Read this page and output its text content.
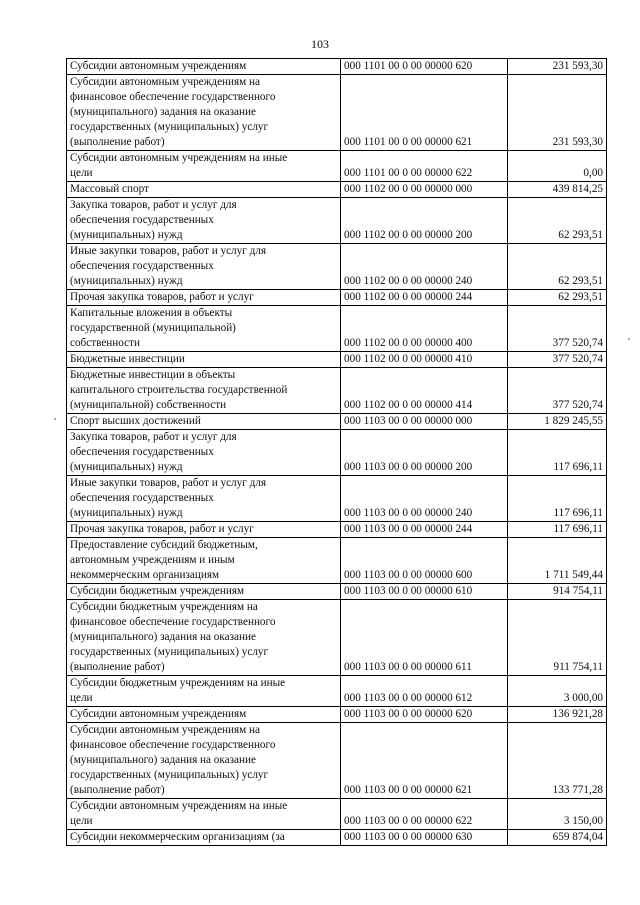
103
Субсидии автономным учреждениям	000 1101 00 0 00 00000 620	231 593,30
Субсидии автономным учреждениям на
финансовое обеспечение государственного
(муниципального) задания на оказание
государственных (муниципальных) услуг
(выполнение работ)	000 1101 00 0 00 00000 621	231 593,30
Субсидии автономным учреждениям на иные
цели	000 1101 00 0 00 00000 622	0,00
Массовый спорт	000 1102 00 0 00 00000 000	439 814,25
Закупка товаров, работ и услуг для
обеспечения государственных
(муниципальных) нужд	000 1102 00 0 00 00000 200	62 293,51
Иные закупки товаров, работ и услуг для
обеспечения государственных
(муниципальных) нужд	000 1102 00 0 00 00000 240	62 293,51
Прочая закупка товаров, работ и услуг	000 1102 00 0 00 00000 244	62 293,51
Капитальные вложения в объекты
государственной (муниципальной)
собственности	000 1102 00 0 00 00000 400	377 520,74
Бюджетные инвестиции	000 1102 00 0 00 00000 410	377 520,74
Бюджетные инвестиции в объекты
капитального строительства государственной
(муниципальной) собственности	000 1102 00 0 00 00000 414	377 520,74
Спорт высших достижений	000 1103 00 0 00 00000 000	1 829 245,55
Закупка товаров, работ и услуг для
обеспечения государственных
(муниципальных) нужд	000 1103 00 0 00 00000 200	117 696,11
Иные закупки товаров, работ и услуг для
обеспечения государственных
(муниципальных) нужд	000 1103 00 0 00 00000 240	117 696,11
Прочая закупка товаров, работ и услуг	000 1103 00 0 00 00000 244	117 696,11
Предоставление субсидий бюджетным,
автономным учреждениям и иным
некоммерческим организациям	000 1103 00 0 00 00000 600	1 711 549,44
Субсидии бюджетным учреждениям	000 1103 00 0 00 00000 610	914 754,11
Субсидии бюджетным учреждениям на
финансовое обеспечение государственного
(муниципального) задания на оказание
государственных (муниципальных) услуг
(выполнение работ)	000 1103 00 0 00 00000 611	911 754,11
Субсидии бюджетным учреждениям на иные
цели	000 1103 00 0 00 00000 612	3 000,00
Субсидии автономным учреждениям	000 1103 00 0 00 00000 620	136 921,28
Субсидии автономным учреждениям на
финансовое обеспечение государственного
(муниципального) задания на оказание
государственных (муниципальных) услуг
(выполнение работ)	000 1103 00 0 00 00000 621	133 771,28
Субсидии автономным учреждениям на иные
цели	000 1103 00 0 00 00000 622	3 150,00
Субсидии некоммерческим организациям (за	000 1103 00 0 00 00000 630	659 874,04
